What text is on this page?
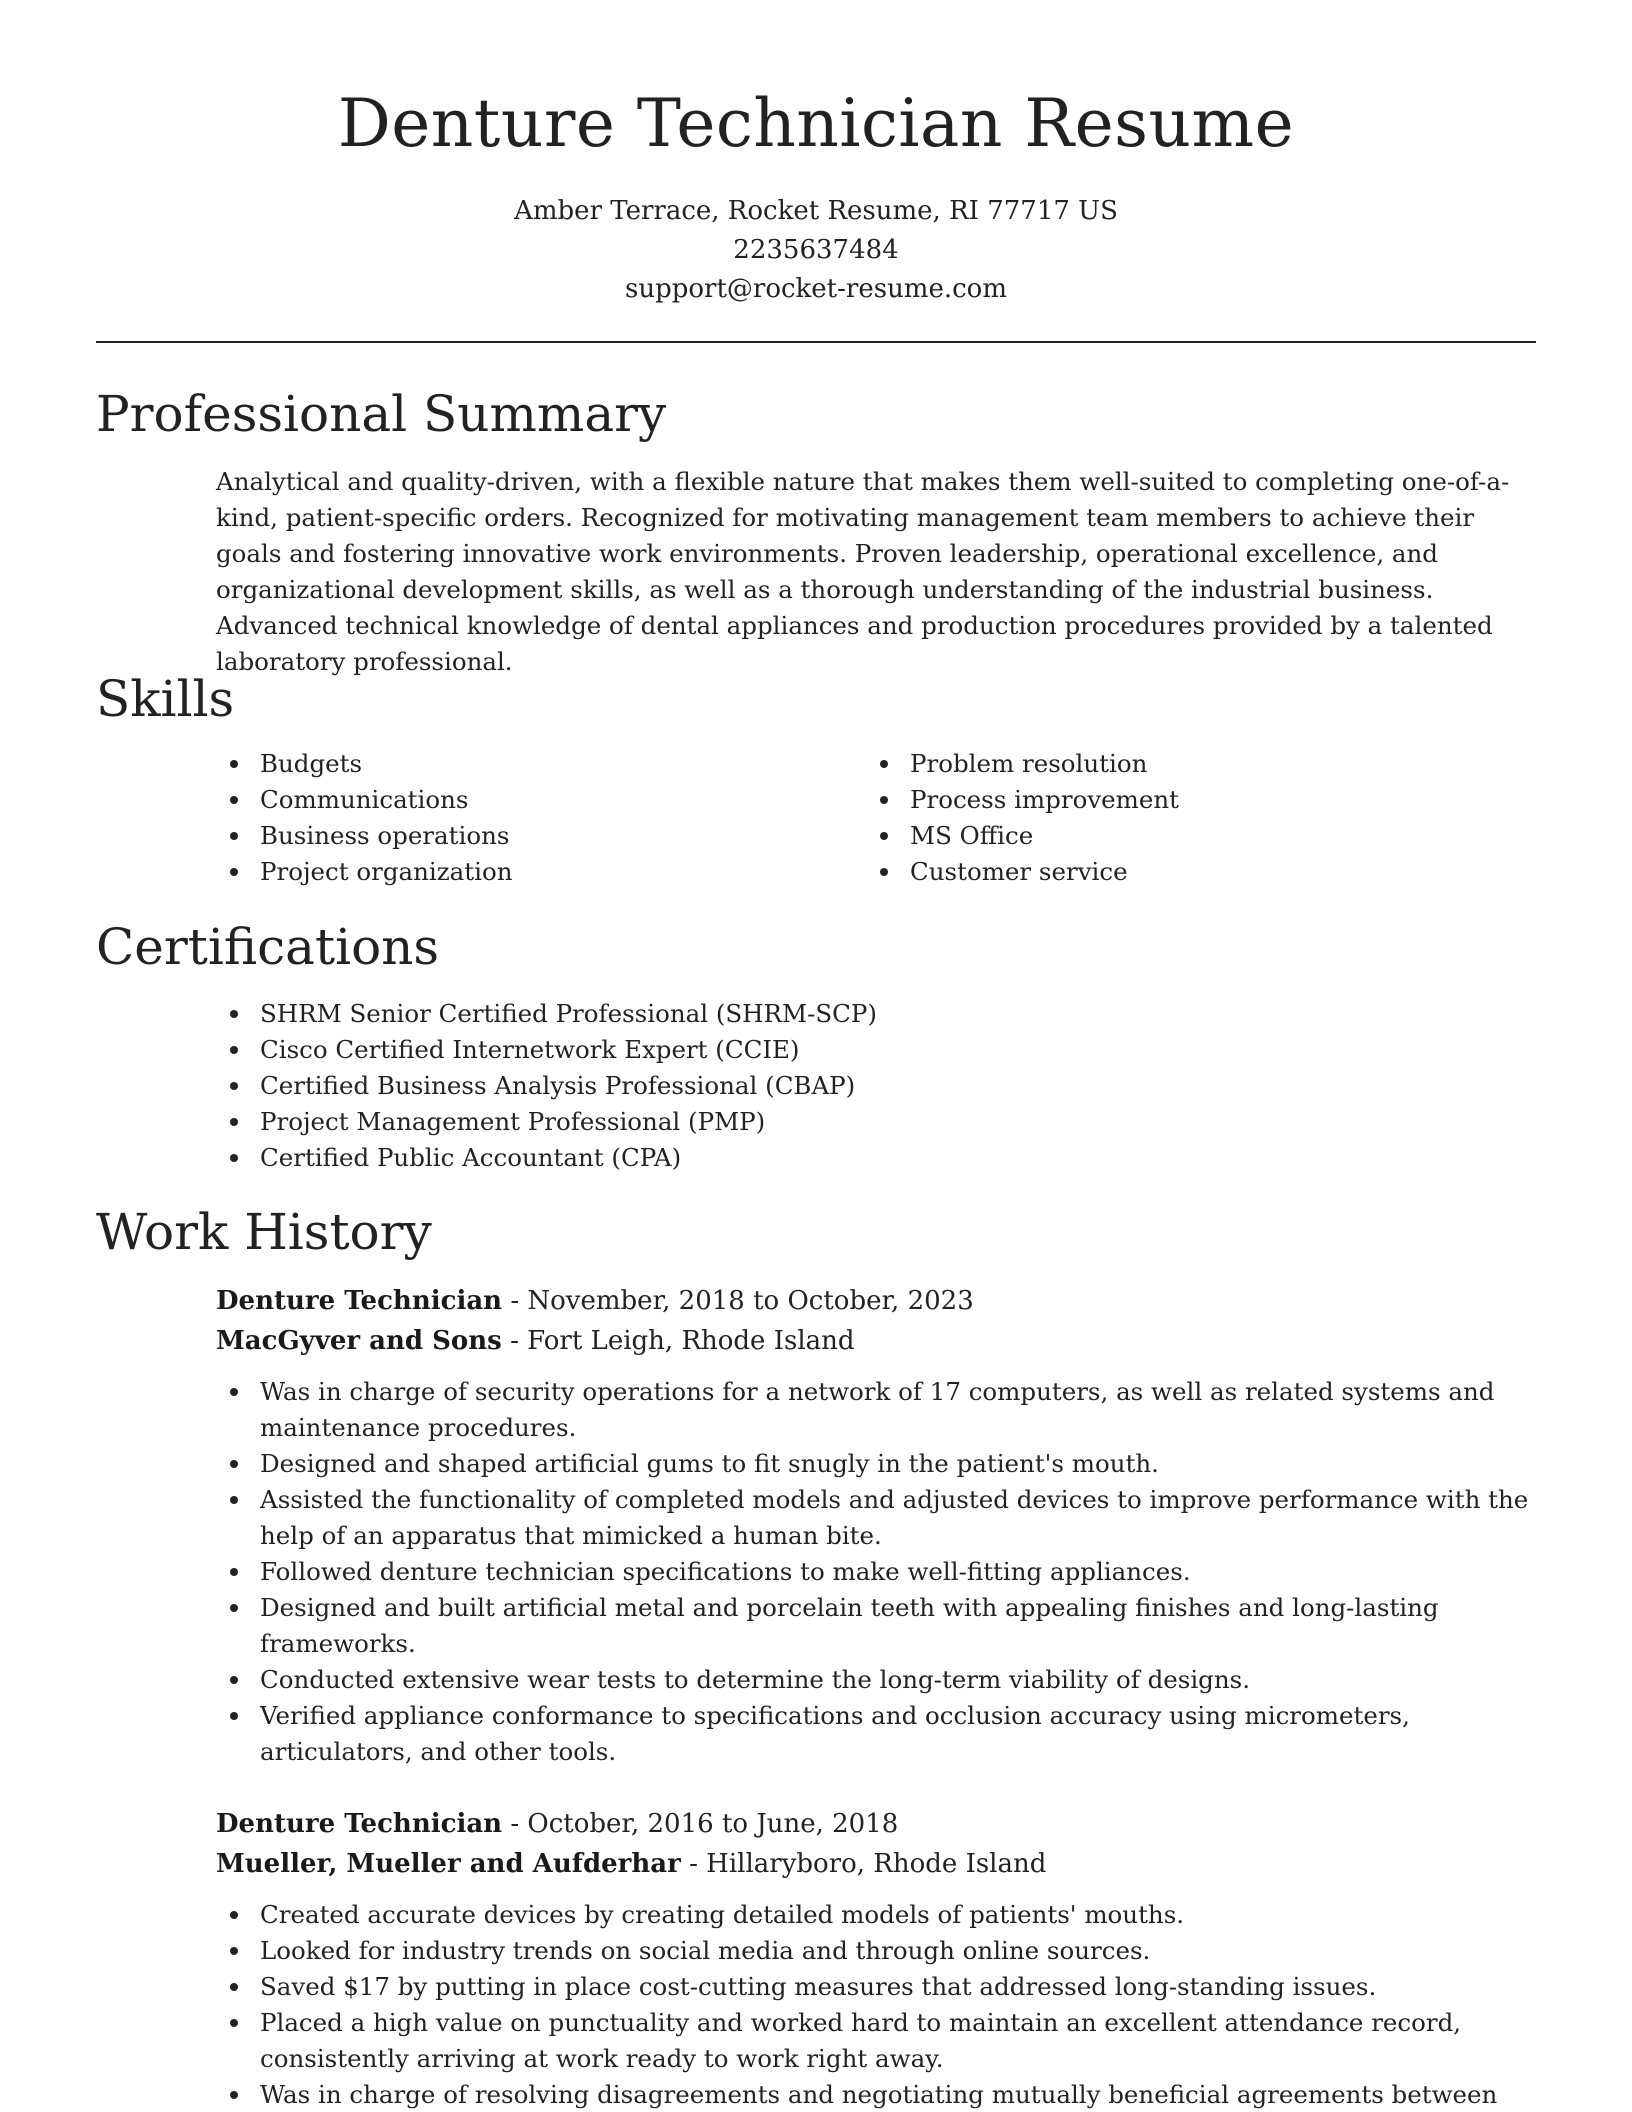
Denture Technician Resume
Amber Terrace, Rocket Resume, RI 77717 US
2235637484
support@rocket-resume.com
Professional Summary

Analytical and quality-driven, with a flexible nature that makes them well-suited to completing one-of-a-kind, patient-specific orders. Recognized for motivating management team members to achieve their goals and fostering innovative work environments. Proven leadership, operational excellence, and organizational development skills, as well as a thorough understanding of the industrial business. Advanced technical knowledge of dental appliances and production procedures provided by a talented laboratory professional.

Skills
Budgets
Communications
Business operations
Project organization
Problem resolution
Process improvement
MS Office
Customer service
Certifications
SHRM Senior Certified Professional (SHRM-SCP)
Cisco Certified Internetwork Expert (CCIE)
Certified Business Analysis Professional (CBAP)
Project Management Professional (PMP)
Certified Public Accountant (CPA)
Work History
Denture Technician - November, 2018 to October, 2023
MacGyver and Sons - Fort Leigh, Rhode Island
Was in charge of security operations for a network of 17 computers, as well as related systems and maintenance procedures.
Designed and shaped artificial gums to fit snugly in the patient's mouth.
Assisted the functionality of completed models and adjusted devices to improve performance with the help of an apparatus that mimicked a human bite.
Followed denture technician specifications to make well-fitting appliances.
Designed and built artificial metal and porcelain teeth with appealing finishes and long-lasting frameworks.
Conducted extensive wear tests to determine the long-term viability of designs.
Verified appliance conformance to specifications and occlusion accuracy using micrometers, articulators, and other tools.
Denture Technician - October, 2016 to June, 2018
Mueller, Mueller and Aufderhar - Hillaryboro, Rhode Island
Created accurate devices by creating detailed models of patients' mouths.
Looked for industry trends on social media and through online sources.
Saved $17 by putting in place cost-cutting measures that addressed long-standing issues.
Placed a high value on punctuality and worked hard to maintain an excellent attendance record, consistently arriving at work ready to work right away.
Was in charge of resolving disagreements and negotiating mutually beneficial agreements between
